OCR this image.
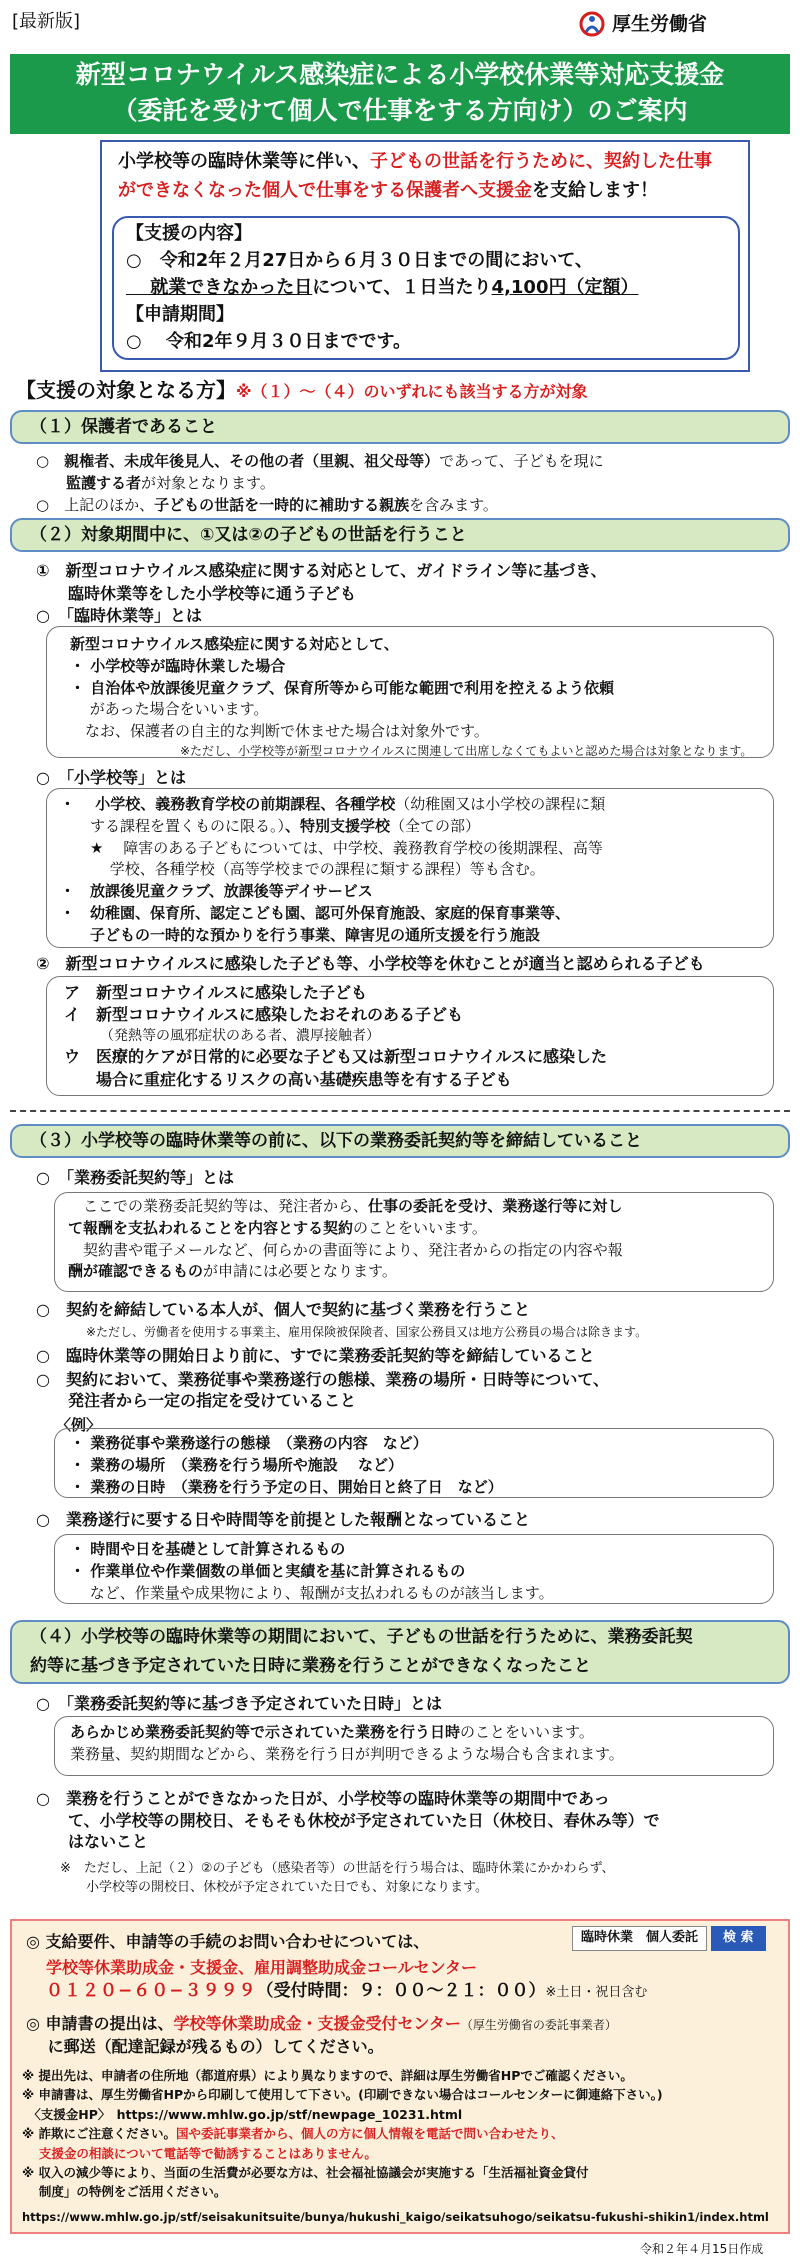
[最新版]	厚生労働省
新型コロナウイルス感染症による小学校休業等対応支援金
（委託を受けて個人で仕事をする方向け）のご案内
小学校等の臨時休業等に伴い、子どもの世話を行うために、契約した仕事
ができなくなった個人で仕事をする保護者へ支援金を支給します！
【支援の内容】
○　令和2年２月27日から６月３０日までの間において、
　 就業できなかった日について、１日当たり4,100円（定額）
【申請期間】
○　 令和2年９月３０日までです。
【支援の対象となる方】※（１）～（４）のいずれにも該当する方が対象
（１）保護者であること
○　親権者、未成年後見人、その他の者（里親、祖父母等）であって、子どもを現に
　　監護する者が対象となります。
○　上記のほか、子どもの世話を一時的に補助する親族を含みます。
（２）対象期間中に、①又は②の子どもの世話を行うこと
①　新型コロナウイルス感染症に関する対応として、ガイドライン等に基づき、
　　臨時休業等をした小学校等に通う子ども
○　「臨時休業等」とは
新型コロナウイルス感染症に関する対応として、
・ 小学校等が臨時休業した場合
・ 自治体や放課後児童クラブ、保育所等から可能な範囲で利用を控えるよう依頼
　 があった場合をいいます。
　なお、保護者の自主的な判断で休ませた場合は対象外です。
※ただし、小学校等が新型コロナウイルスに関連して出席しなくてもよいと認めた場合は対象となります。
○　「小学校等」とは
・ 　小学校、義務教育学校の前期課程、各種学校（幼稚園又は小学校の課程に類
　　する課程を置くものに限る。）、特別支援学校（全ての部）
　　★　 障害のある子どもについては、中学校、義務教育学校の後期課程、高等
　　　 学校、各種学校（高等学校までの課程に類する課程）等も含む。
・　放課後児童クラブ、放課後等デイサービス
・　幼稚園、保育所、認定こども園、認可外保育施設、家庭的保育事業等、
　　子どもの一時的な預かりを行う事業、障害児の通所支援を行う施設
②　新型コロナウイルスに感染した子ども等、小学校等を休むことが適当と認められる子ども
ア　新型コロナウイルスに感染した子ども
イ　新型コロナウイルスに感染したおそれのある子ども
（発熱等の風邪症状のある者、濃厚接触者）
ウ　医療的ケアが日常的に必要な子ども又は新型コロナウイルスに感染した
　　場合に重症化するリスクの高い基礎疾患等を有する子ども
（３）小学校等の臨時休業等の前に、以下の業務委託契約等を締結していること
○　「業務委託契約等」とは
　ここでの業務委託契約等は、発注者から、仕事の委託を受け、業務遂行等に対し
て報酬を支払われることを内容とする契約のことをいいます。
　契約書や電子メールなど、何らかの書面等により、発注者からの指定の内容や報
酬が確認できるものが申請には必要となります。
○　契約を締結している本人が、個人で契約に基づく業務を行うこと
※ただし、労働者を使用する事業主、雇用保険被保険者、国家公務員又は地方公務員の場合は除きます。
○　臨時休業等の開始日より前に、すでに業務委託契約等を締結していること
○　契約において、業務従事や業務遂行の態様、業務の場所・日時等について、
　　発注者から一定の指定を受けていること
〈例〉
・ 業務従事や業務遂行の態様　（業務の内容　など）
・ 業務の場所　（業務を行う場所や施設　 など）
・ 業務の日時　（業務を行う予定の日、開始日と終了日　など）
○　業務遂行に要する日や時間等を前提とした報酬となっていること
・ 時間や日を基礎として計算されるもの
・ 作業単位や作業個数の単価と実績を基に計算されるもの
　 など、作業量や成果物により、報酬が支払われるものが該当します。
（４）小学校等の臨時休業等の期間において、子どもの世話を行うために、業務委託契
約等に基づき予定されていた日時に業務を行うことができなくなったこと
○　「業務委託契約等に基づき予定されていた日時」とは
あらかじめ業務委託契約等で示されていた業務を行う日時のことをいいます。
業務量、契約期間などから、業務を行う日が判明できるような場合も含まれます。
○　業務を行うことができなかった日が、小学校等の臨時休業等の期間中であっ
　　て、小学校等の開校日、そもそも休校が予定されていた日（休校日、春休み等）で
　　はないこと
※　ただし、上記（２）②の子ども（感染者等）の世話を行う場合は、臨時休業にかかわらず、
　　小学校等の開校日、休校が予定されていた日でも、対象になります。
◎ 支給要件、申請等の手続のお問い合わせについては、	臨時休業　個人委託	検 索
学校等休業助成金・支援金、雇用調整助成金コールセンター
０１２０−６０−３９９９（受付時間：９：００～２１：００）※土日・祝日含む
◎ 申請書の提出は、学校等休業助成金・支援金受付センター（厚生労働省の委託事業者）
　 に郵送（配達記録が残るもの）してください。
※ 提出先は、申請者の住所地（都道府県）により異なりますので、詳細は厚生労働省HPでご確認ください。
※ 申請書は、厚生労働省HPから印刷して使用して下さい。(印刷できない場合はコールセンターに御連絡下さい。)
　〈支援金HP〉　https://www.mhlw.go.jp/stf/newpage_10231.html
※ 詐欺にご注意ください。国や委託事業者から、個人の方に個人情報を電話で問い合わせたり、
　 支援金の相談について電話等で勧誘することはありません。
※ 収入の減少等により、当面の生活費が必要な方は、社会福祉協議会が実施する「生活福祉資金貸付
　 制度」の特例をご活用ください。
https://www.mhlw.go.jp/stf/seisakunitsuite/bunya/hukushi_kaigo/seikatsuhogo/seikatsu-fukushi-shikin1/index.html
令和２年４月15日作成
